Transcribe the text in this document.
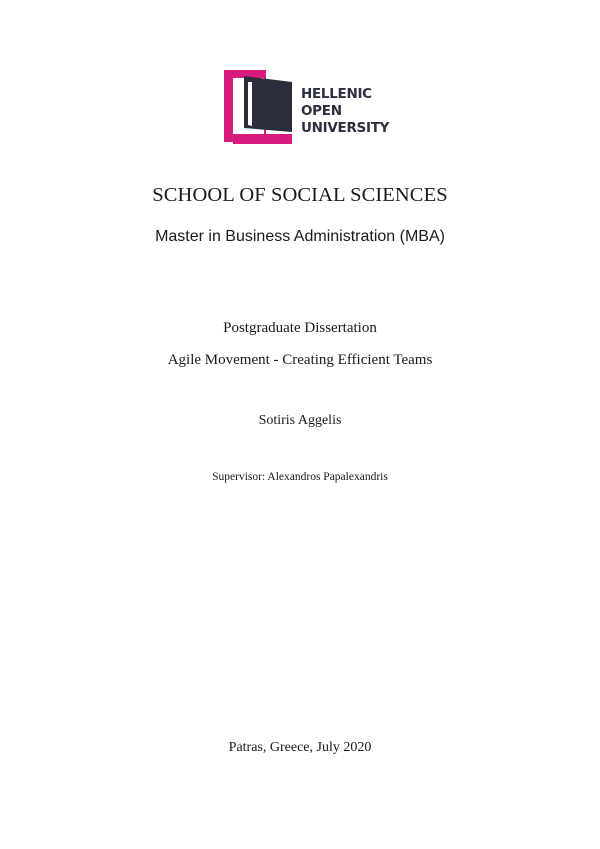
HELLENIC
OPEN
UNIVERSITY
SCHOOL OF SOCIAL SCIENCES
Master in Business Administration (MBA)
Postgraduate Dissertation
Agile Movement - Creating Efficient Teams
Sotiris Aggelis
Supervisor: Alexandros Papalexandris
Patras, Greece, July 2020
